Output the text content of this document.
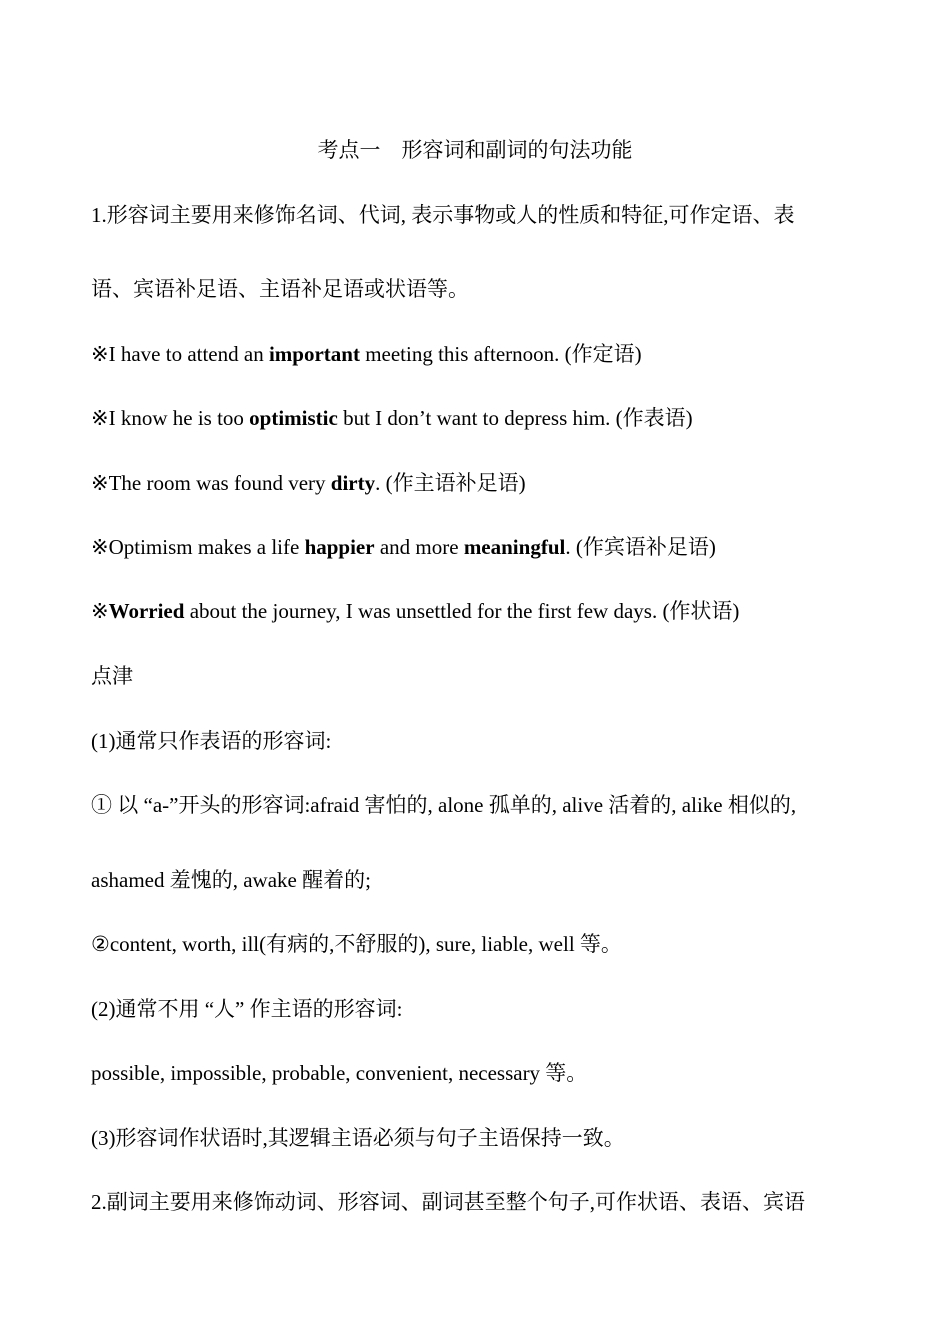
考点一　形容词和副词的句法功能
1.形容词主要用来修饰名词、代词, 表示事物或人的性质和特征,可作定语、表
语、宾语补足语、主语补足语或状语等。
※I have to attend an important meeting this afternoon. (作定语)
※I know he is too optimistic but I don’t want to depress him. (作表语)
※The room was found very dirty. (作主语补足语)
※Optimism makes a life happier and more meaningful. (作宾语补足语)
※Worried about the journey, I was unsettled for the first few days. (作状语)
点津
(1)通常只作表语的形容词:
① 以 “a-”开头的形容词:afraid 害怕的, alone 孤单的, alive 活着的, alike 相似的,
ashamed 羞愧的, awake 醒着的;
②content, worth, ill(有病的,不舒服的), sure, liable, well 等。
(2)通常不用 “人” 作主语的形容词:
possible, impossible, probable, convenient, necessary 等。
(3)形容词作状语时,其逻辑主语必须与句子主语保持一致。
2.副词主要用来修饰动词、形容词、副词甚至整个句子,可作状语、表语、宾语
